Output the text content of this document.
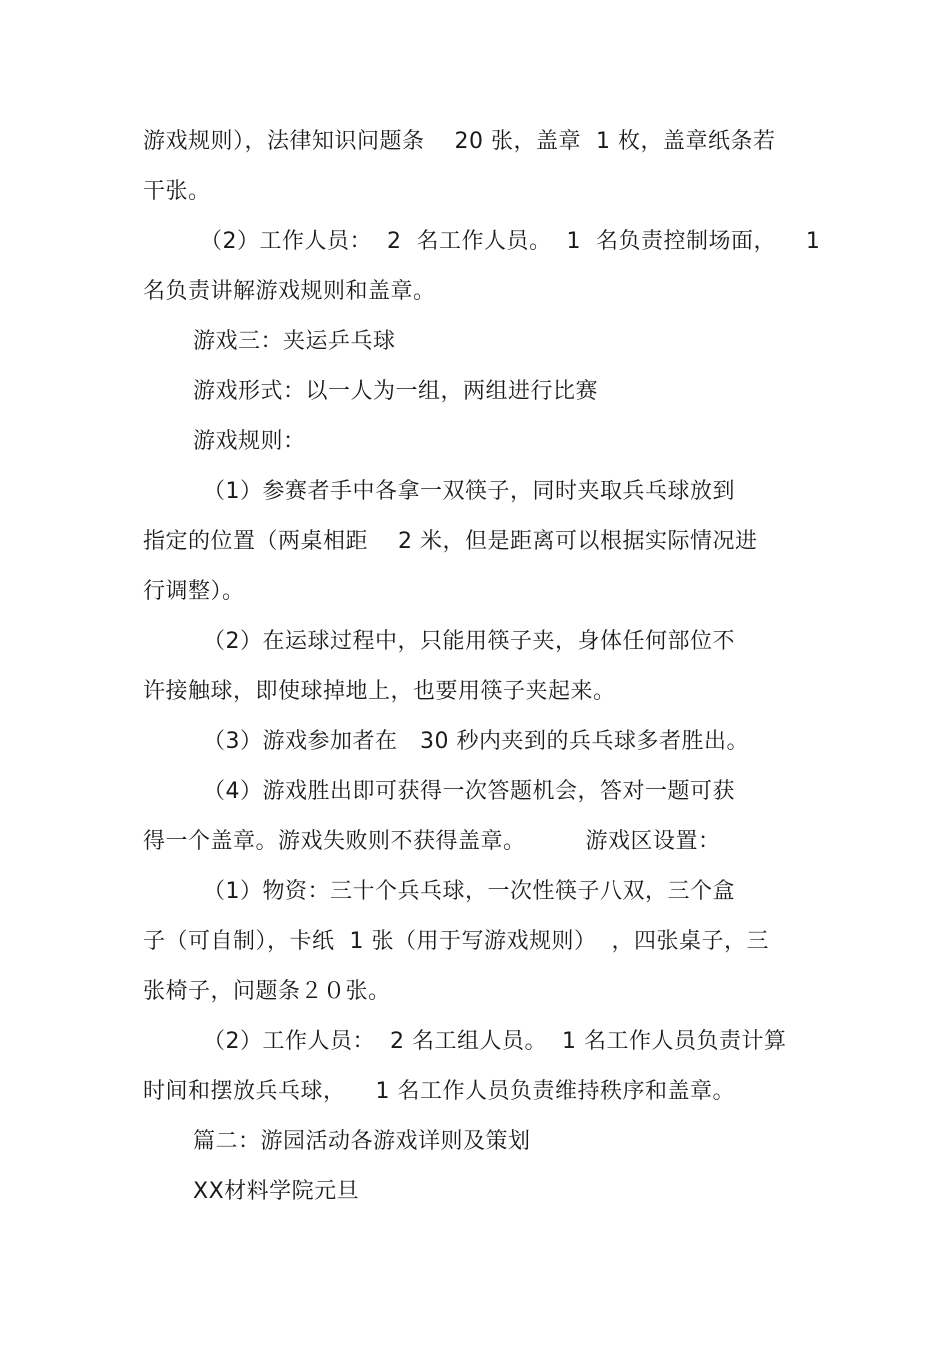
游戏规则），法律知识问题条    20 张，盖章  1 枚，盖章纸条若
干张。
（2）工作人员：  2  名工作人员。  1  名负责控制场面，    1
名负责讲解游戏规则和盖章。
游戏三：夹运乒乓球
游戏形式：以一人为一组，两组进行比赛
游戏规则：
（1）参赛者手中各拿一双筷子，同时夹取兵乓球放到
指定的位置（两桌相距    2 米，但是距离可以根据实际情况进
行调整）。
（2）在运球过程中，只能用筷子夹，身体任何部位不
许接触球，即使球掉地上，也要用筷子夹起来。
（3）游戏参加者在   30 秒内夹到的兵乓球多者胜出。
（4）游戏胜出即可获得一次答题机会，答对一题可获
得一个盖章。游戏失败则不获得盖章。        游戏区设置：
（1）物资：三十个兵乓球，一次性筷子八双，三个盒
子（可自制），卡纸  1 张（用于写游戏规则）  ，四张桌子，三
张椅子，问题条２０张。
（2）工作人员：  2 名工组人员。  1 名工作人员负责计算
时间和摆放兵乓球，    1 名工作人员负责维持秩序和盖章。
篇二：游园活动各游戏详则及策划
XX材料学院元旦
